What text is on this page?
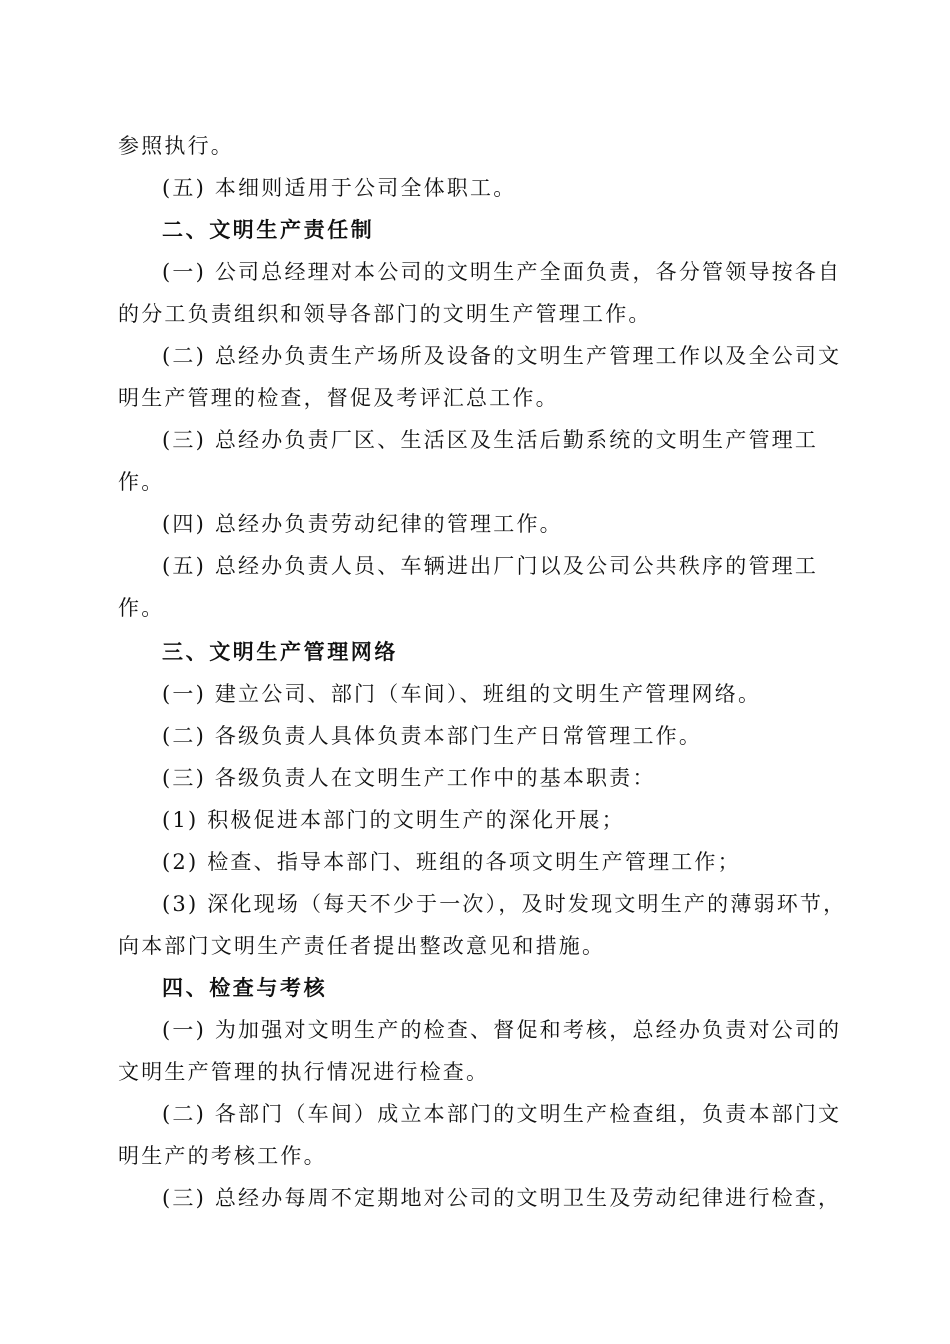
参照执行。
(五) 本细则适用于公司全体职工。
二、文明生产责任制
(一) 公司总经理对本公司的文明生产全面负责，各分管领导按各自
的分工负责组织和领导各部门的文明生产管理工作。
(二) 总经办负责生产场所及设备的文明生产管理工作以及全公司文
明生产管理的检查，督促及考评汇总工作。
(三) 总经办负责厂区、生活区及生活后勤系统的文明生产管理工
作。
(四) 总经办负责劳动纪律的管理工作。
(五) 总经办负责人员、车辆进出厂门以及公司公共秩序的管理工
作。
三、文明生产管理网络
(一) 建立公司、部门（车间）、班组的文明生产管理网络。
(二) 各级负责人具体负责本部门生产日常管理工作。
(三) 各级负责人在文明生产工作中的基本职责：
(1) 积极促进本部门的文明生产的深化开展；
(2) 检查、指导本部门、班组的各项文明生产管理工作；
(3) 深化现场（每天不少于一次），及时发现文明生产的薄弱环节，
向本部门文明生产责任者提出整改意见和措施。
四、检查与考核
(一) 为加强对文明生产的检查、督促和考核，总经办负责对公司的
文明生产管理的执行情况进行检查。
(二) 各部门（车间）成立本部门的文明生产检查组，负责本部门文
明生产的考核工作。
(三) 总经办每周不定期地对公司的文明卫生及劳动纪律进行检查，
